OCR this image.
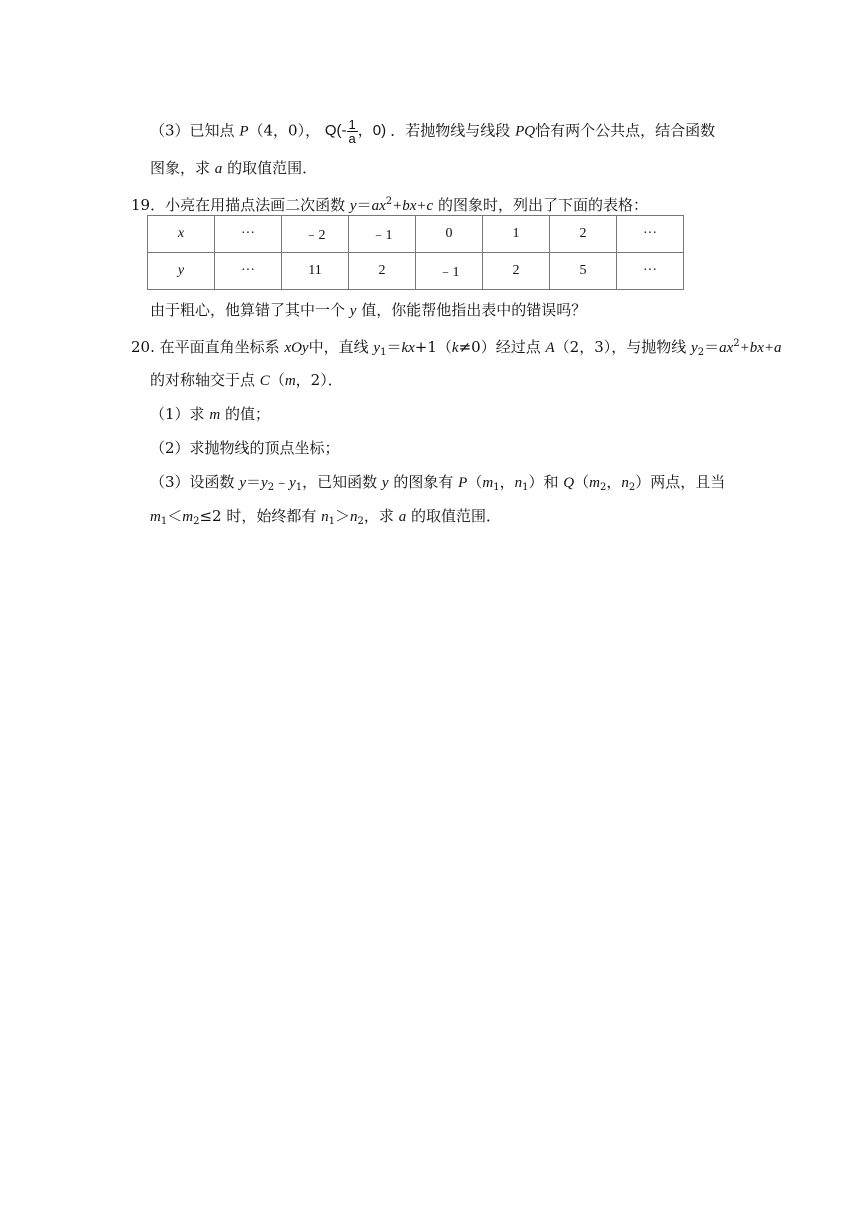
（3）已知点 P（4，0）， $Q(- \frac{1}{a}$ ，0) ．若抛物线与线段 PQ恰有两个公共点，结合函数
图象，求 a 的取值范围．
19．小亮在用描点法画二次函数 $y=ax^2+bx+c$ 的图象时，列出了下面的表格：
x	···	﹣2	﹣1	0	1	2	···
y	···	11	2	﹣1	2	5	···
由于粗心，他算错了其中一个 y 值，你能帮他指出表中的错误吗？
20. 在平面直角坐标系 xOy中，直线 $y_1=kx+1(k\ne 0)$经过点 A（2，3），与抛物线 $y_2=ax^2+bx+a$
的对称轴交于点 C（m，2）．
（1）求 m 的值；
（2）求抛物线的顶点坐标；
（3）设函数 $y=y_2﹣y_1$，已知函数 y 的图象有 $P(m_1$，$n_1$）和 $Q(m_2$，$n_2$）两点，且当
$m_1<m_2\le 2$ 时，始终都有 $n_1>n_2$，求 a 的取值范围．
